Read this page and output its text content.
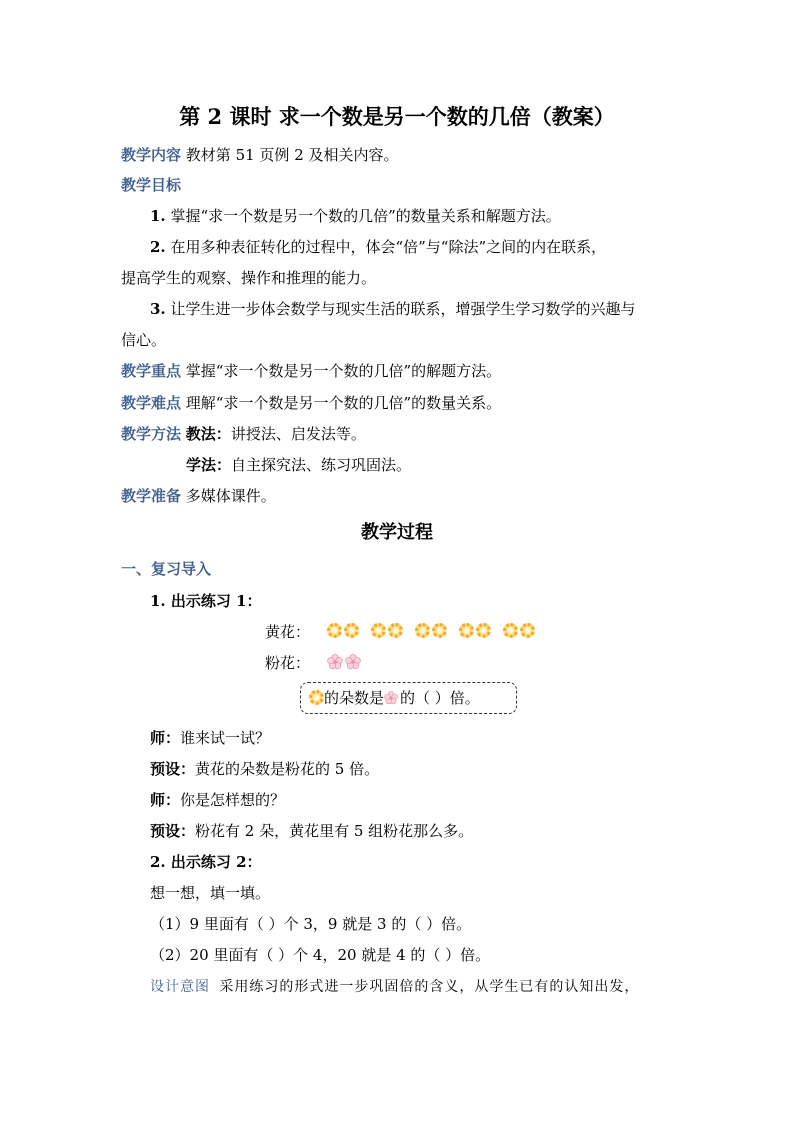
第 2 课时 求一个数是另一个数的几倍（教案）
教学内容 教材第 51 页例 2 及相关内容。
教学目标
1. 掌握“求一个数是另一个数的几倍”的数量关系和解题方法。
2. 在用多种表征转化的过程中，体会“倍”与“除法”之间的内在联系，
提高学生的观察、操作和推理的能力。
3. 让学生进一步体会数学与现实生活的联系，增强学生学习数学的兴趣与
信心。
教学重点 掌握“求一个数是另一个数的几倍”的解题方法。
教学难点 理解“求一个数是另一个数的几倍”的数量关系。
教学方法 教法：讲授法、启发法等。
学法：自主探究法、练习巩固法。
教学准备 多媒体课件。
教学过程
一、复习导入
1. 出示练习 1：
黄花：
粉花：
的朵数是 的（ ）倍。
师：谁来试一试？
预设：黄花的朵数是粉花的 5 倍。
师：你是怎样想的？
预设：粉花有 2 朵，黄花里有 5 组粉花那么多。
2. 出示练习 2：
想一想，填一填。
（1）9 里面有（ ）个 3，9 就是 3 的（ ）倍。
（2）20 里面有（ ）个 4，20 就是 4 的（ ）倍。
设计意图 采用练习的形式进一步巩固倍的含义，从学生已有的认知出发，
